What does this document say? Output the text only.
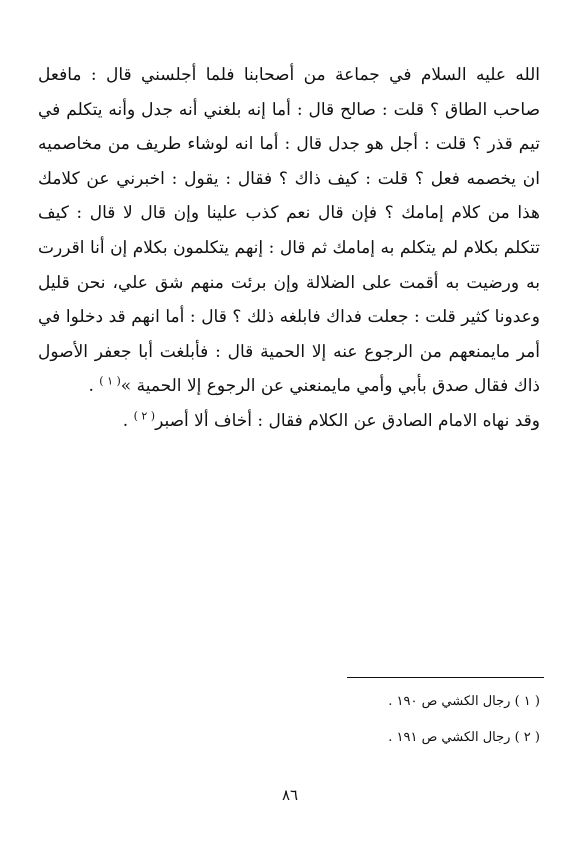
الله عليه السلام في جماعة من أصحابنا فلما أجلسني قال : مافعل صاحب الطاق ؟ قلت : صالح قال : أما إنه بلغني أنه جدل وأنه يتكلم في تيم قذر ؟ قلت : أجل هو جدل قال : أما انه لوشاء طريف من مخاصميه ان يخصمه فعل ؟ قلت : كيف ذاك ؟ فقال : يقول : اخبرني عن كلامك هذا من كلام إمامك ؟ فإن قال نعم كذب علينا وإن قال لا قال : كيف تتكلم بكلام لم يتكلم به إمامك ثم قال : إنهم يتكلمون بكلام إن أنا اقررت به ورضيت به أقمت على الضلالة وإن برئت منهم شق علي، نحن قليل وعدونا كثير قلت : جعلت فداك فابلغه ذلك ؟ قال : أما انهم قد دخلوا في أمر مايمنعهم من الرجوع عنه إلا الحمية قال : فأبلغت أبا جعفر الأصول ذاك فقال صدق بأبي وأمي مايمنعني عن الرجوع إلا الحمية »$^{( ١ )}$ .

وقد نهاه الامام الصادق عن الكلام فقال : أخاف ألا أصبر$^{( ٢ )}$ .

( ١ ) رجال الكشي ص ١٩٠ .
( ٢ ) رجال الكشي ص ١٩١ .
٨٦
